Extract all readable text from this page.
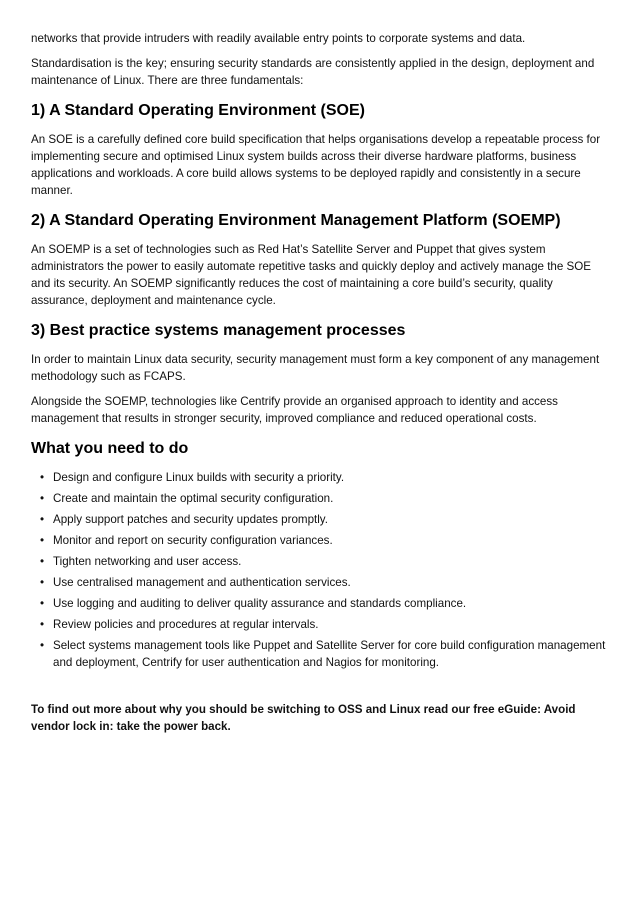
networks that provide intruders with readily available entry points to corporate systems and data.

Standardisation is the key; ensuring security standards are consistently applied in the design, deployment and maintenance of Linux. There are three fundamentals:

1) A Standard Operating Environment (SOE)

An SOE is a carefully defined core build specification that helps organisations develop a repeatable process for implementing secure and optimised Linux system builds across their diverse hardware platforms, business applications and workloads. A core build allows systems to be deployed rapidly and consistently in a secure manner.

2) A Standard Operating Environment Management Platform (SOEMP)

An SOEMP is a set of technologies such as Red Hat’s Satellite Server and Puppet that gives system administrators the power to easily automate repetitive tasks and quickly deploy and actively manage the SOE and its security. An SOEMP significantly reduces the cost of maintaining a core build’s security, quality assurance, deployment and maintenance cycle.

3) Best practice systems management processes

In order to maintain Linux data security, security management must form a key component of any management methodology such as FCAPS.

Alongside the SOEMP, technologies like Centrify provide an organised approach to identity and access management that results in stronger security, improved compliance and reduced operational costs.

What you need to do
• Design and configure Linux builds with security a priority.
• Create and maintain the optimal security configuration.
• Apply support patches and security updates promptly.
• Monitor and report on security configuration variances.
• Tighten networking and user access.
• Use centralised management and authentication services.
• Use logging and auditing to deliver quality assurance and standards compliance.
• Review policies and procedures at regular intervals.
• Select systems management tools like Puppet and Satellite Server for core build configuration management and deployment, Centrify for user authentication and Nagios for monitoring.

To find out more about why you should be switching to OSS and Linux read our free eGuide: Avoid vendor lock in: take the power back.
